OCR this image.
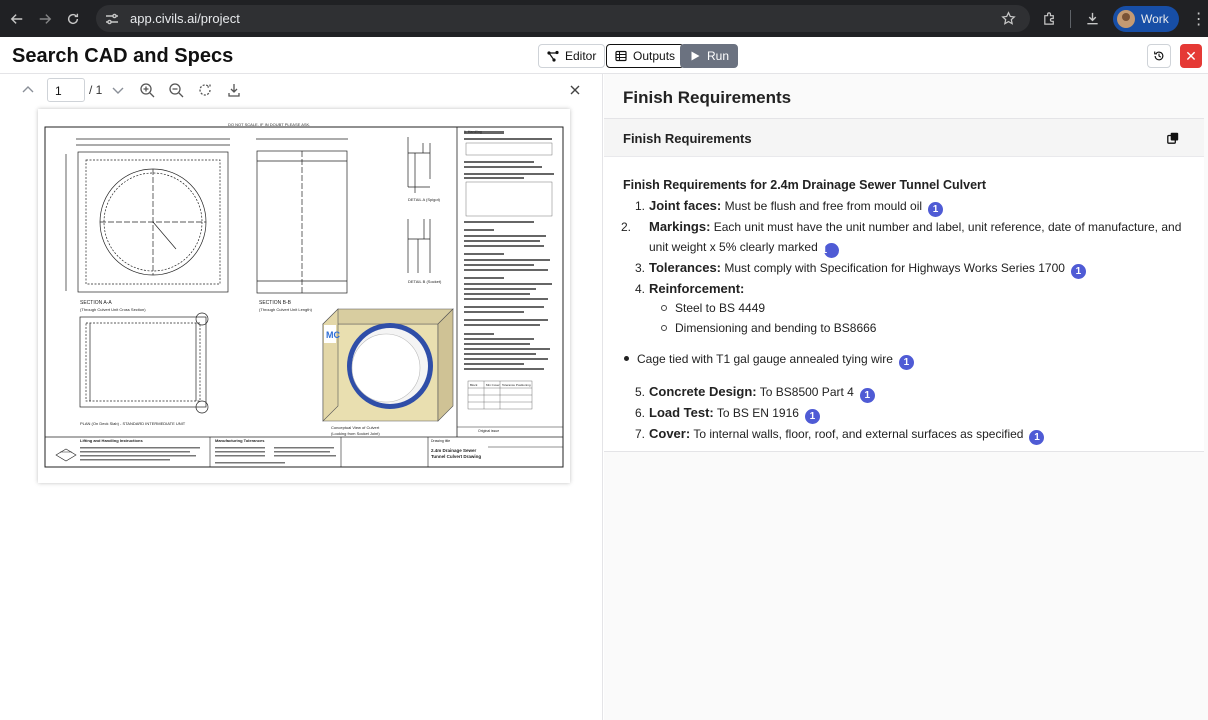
app.civils.ai/project	Work ⋮
Search CAD and Specs	Editor	Outputs	Run	✕
1	/ 1
DO NOT SCALE. IF IN DOUBT PLEASE ASK.
SECTION A-A
(Through Culvert Unit Cross Section)
SECTION B-B
(Through Culvert Unit Length)
DETAIL A (Spigot)
DETAIL B (Socket)
PLAN (On Deck Slab) - STANDARD INTERMEDIATE UNIT
MC
Conceptual View of Culvert
(Looking from Socket Joint)
1. Handling
Block	Min Cover Tolerance Positioning
Original issue
Lifting and Handling Instructions	Manufacturing Tolerances	Drawing title
2.4m Drainage Sewer
Tunnel Culvert Drawing
Finish Requirements
Finish Requirements
Finish Requirements for 2.4m Drainage Sewer Tunnel Culvert
1. Joint faces: Must be flush and free from mould oil 1
2. Markings: Each unit must have the unit number and label, unit reference, date of manufacture, and unit weight x 5% clearly marked 1
3. Tolerances: Must comply with Specification for Highways Works Series 1700 1
4. Reinforcement:
Steel to BS 4449
Dimensioning and bending to BS8666
Cage tied with T1 gal gauge annealed tying wire 1
5. Concrete Design: To BS8500 Part 4 1
6. Load Test: To BS EN 1916 1
7. Cover: To internal walls, floor, roof, and external surfaces as specified 1
